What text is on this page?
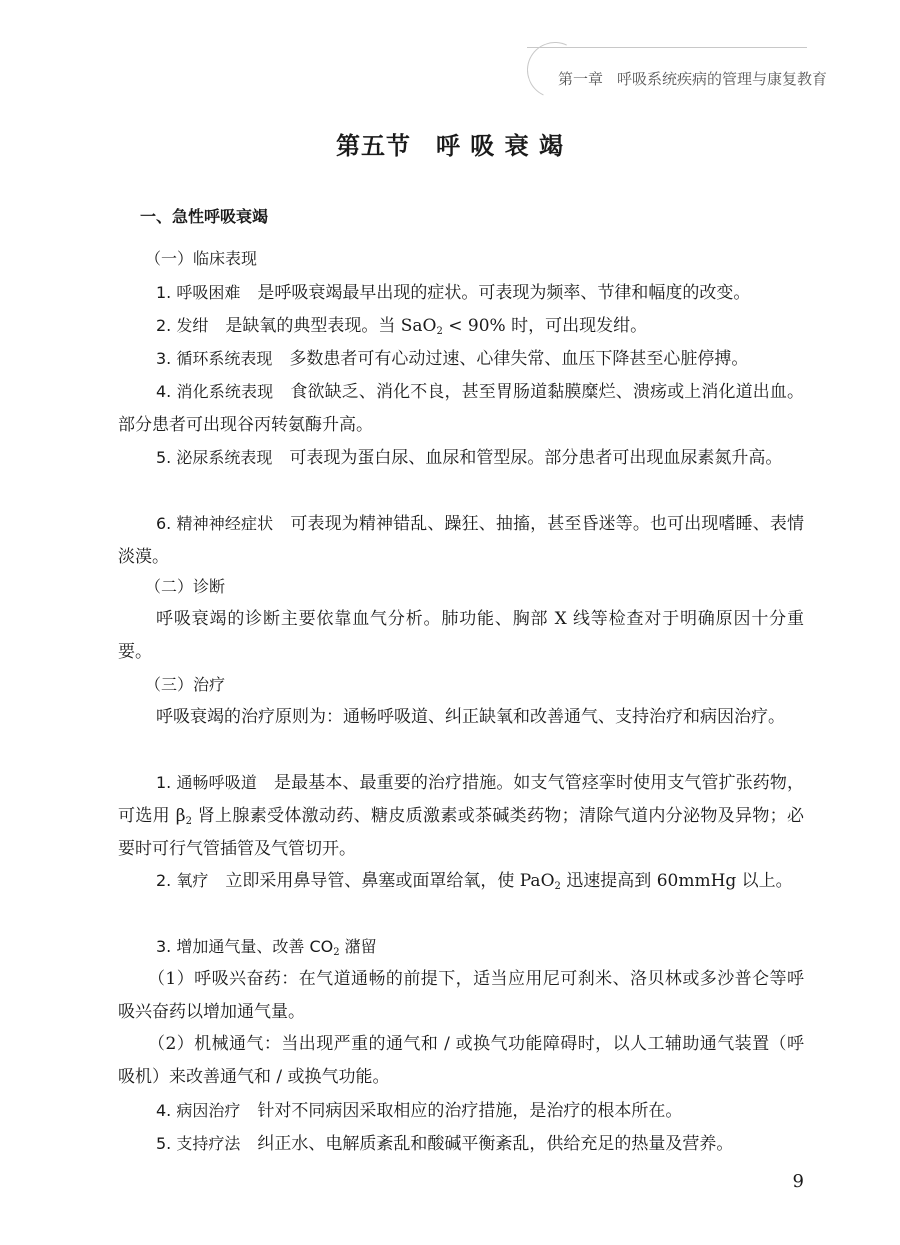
第一章 呼吸系统疾病的管理与康复教育
第五节　呼 吸 衰 竭

一、急性呼吸衰竭

（一）临床表现

1. 呼吸困难　是呼吸衰竭最早出现的症状。可表现为频率、节律和幅度的改变。

2. 发绀　是缺氧的典型表现。当 SaO$_2$ < 90% 时，可出现发绀。

3. 循环系统表现　多数患者可有心动过速、心律失常、血压下降甚至心脏停搏。

4. 消化系统表现　食欲缺乏、消化不良，甚至胃肠道黏膜糜烂、溃疡或上消化道出血。部分患者可出现谷丙转氨酶升高。

5. 泌尿系统表现　可表现为蛋白尿、血尿和管型尿。部分患者可出现血尿素氮升高。

6. 精神神经症状　可表现为精神错乱、躁狂、抽搐，甚至昏迷等。也可出现嗜睡、表情淡漠。

（二）诊断

呼吸衰竭的诊断主要依靠血气分析。肺功能、胸部 X 线等检查对于明确原因十分重要。

（三）治疗

呼吸衰竭的治疗原则为：通畅呼吸道、纠正缺氧和改善通气、支持治疗和病因治疗。

1. 通畅呼吸道　是最基本、最重要的治疗措施。如支气管痉挛时使用支气管扩张药物，可选用 $\beta_2$ 肾上腺素受体激动药、糖皮质激素或茶碱类药物；清除气道内分泌物及异物；必要时可行气管插管及气管切开。

2. 氧疗　立即采用鼻导管、鼻塞或面罩给氧，使 PaO$_2$ 迅速提高到 60mmHg 以上。

3. 增加通气量、改善 $CO_2$ 潴留

（1）呼吸兴奋药：在气道通畅的前提下，适当应用尼可刹米、洛贝林或多沙普仑等呼吸兴奋药以增加通气量。

（2）机械通气：当出现严重的通气和 / 或换气功能障碍时，以人工辅助通气装置（呼吸机）来改善通气和 / 或换气功能。

4. 病因治疗　针对不同病因采取相应的治疗措施，是治疗的根本所在。

5. 支持疗法　纠正水、电解质紊乱和酸碱平衡紊乱，供给充足的热量及营养。

9
